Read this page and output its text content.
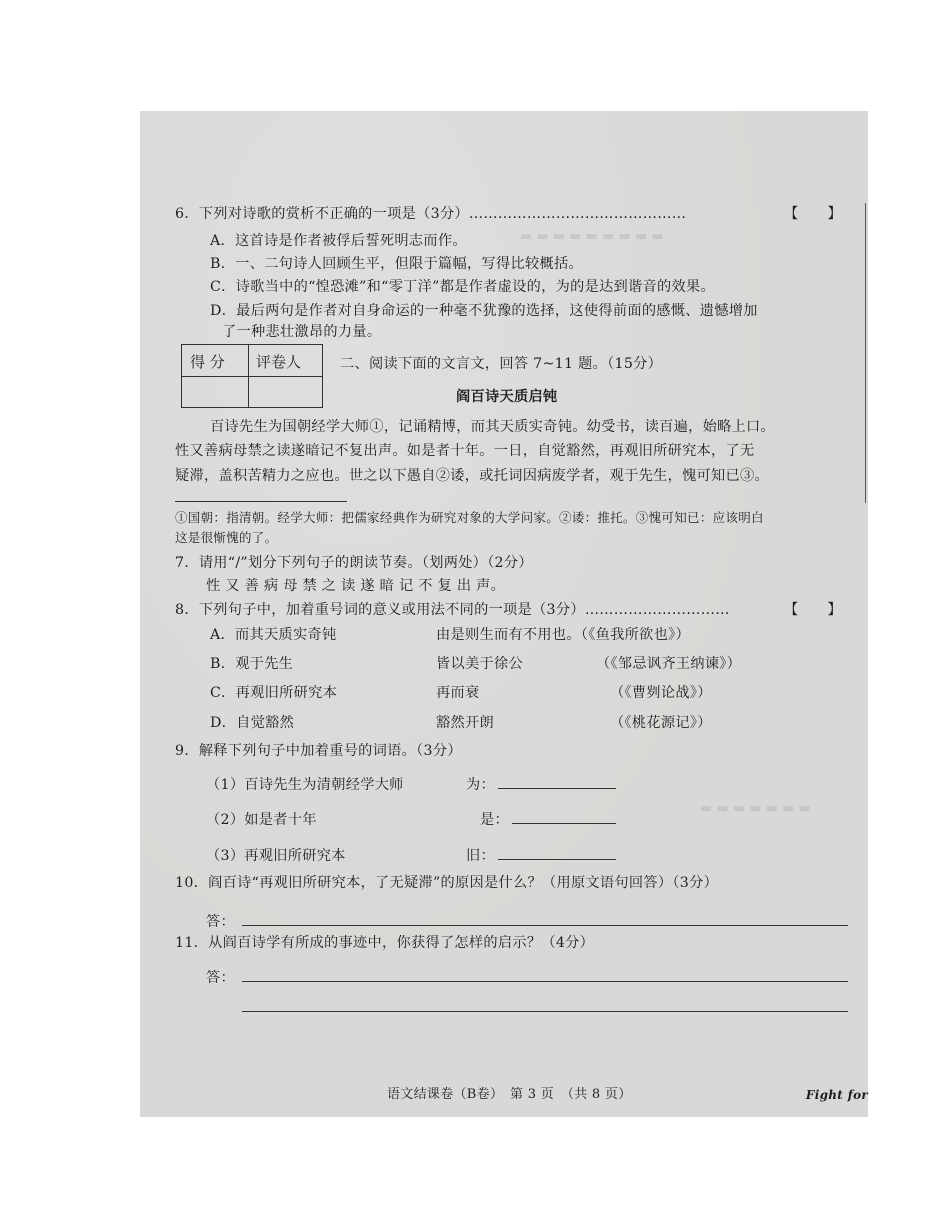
▬ ▬ ▬ ▬ ▬ ▬ ▬ ▬ ▬
▬ ▬ ▬ ▬ ▬ ▬ ▬
6．下列对诗歌的赏析不正确的一项是（3分）………………………………………	【　　】
A．这首诗是作者被俘后誓死明志而作。
B．一、二句诗人回顾生平，但限于篇幅，写得比较概括。
C．诗歌当中的“惶恐滩”和“零丁洋”都是作者虚设的，为的是达到谐音的效果。
D．最后两句是作者对自身命运的一种毫不犹豫的选择，这使得前面的感慨、遗憾增加
了一种悲壮激昂的力量。
得 分 评卷人	二、阅读下面的文言文，回答 7~11 题。（15分）
阎百诗天质启钝
百诗先生为国朝经学大师①，记诵精博，而其天质实奇钝。幼受书，读百遍，始略上口。
性又善病母禁之读遂暗记不复出声。如是者十年。一日，自觉豁然，再观旧所研究本，了无
疑滞，盖积苦精力之应也。世之以下愚自②诿，或托词因病废学者，观于先生，愧可知已③。
①国朝：指清朝。经学大师：把儒家经典作为研究对象的大学问家。②诿：推托。③愧可知已：应该明白
这是很惭愧的了。
7．请用“/”划分下列句子的朗读节奏。（划两处）（2分）
性 又 善 病 母 禁 之 读 遂 暗 记 不 复 出 声。
8．下列句子中，加着重号词的意义或用法不同的一项是（3分）…………………………	【　　】
A．而其天质实奇钝	由是则生而有不用也。（《鱼我所欲也》）
B．观于先生	皆以美于徐公	（《邹忌讽齐王纳谏》）
C．再观旧所研究本	再而衰	（《曹刿论战》）
D．自觉豁然	豁然开朗	（《桃花源记》）
9．解释下列句子中加着重号的词语。（3分）
（1）百诗先生为清朝经学大师	为：
（2）如是者十年	是：
（3）再观旧所研究本	旧：
10．阎百诗“再观旧所研究本，了无疑滞”的原因是什么？（用原文语句回答）（3分）
答：
11．从阎百诗学有所成的事迹中，你获得了怎样的启示？（4分）
答：
语文结课卷（B卷）　第 3 页　（共 8 页）	Fight for
